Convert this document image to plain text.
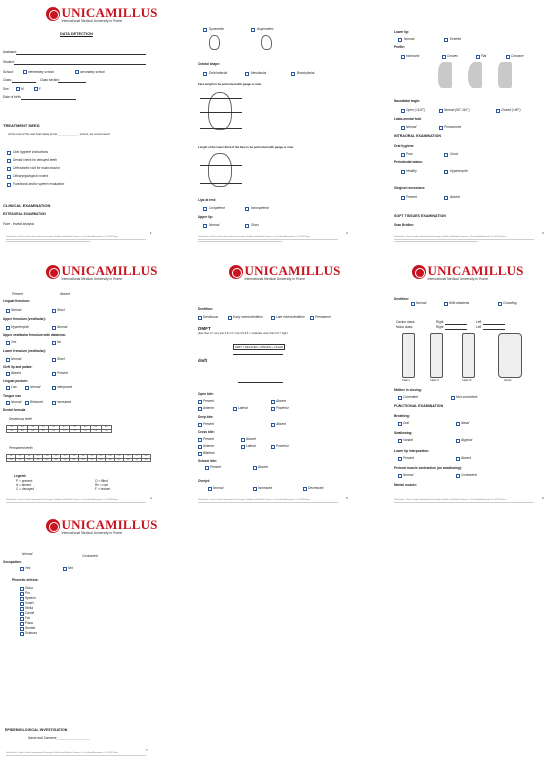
UNICAMILLUS
International Medical University in Rome
DATA DETECTION
Assistant:
Student:
School:	elementary school	secondary school
Class:	Class section:
Sex:	M	F
Date of birth:
TREATMENT NEED
At the end of the visit held today at the _____________ school, we recommend:
Oral hygiene instructions
Dental check for decayed teeth
Orthodontic visit for malocclusion
Otolaryngological control
Functional and/or speech evaluation
CLINICAL EXAMINATION
EXTRAORAL EXAMINATION
Face - frontal analysis
1
UniCamillus - Saint Camillus International University of Health and Medical Sciences - Via di Sant'Alessandro, 8 - 00131 Roma
Symmetric	Asymmetric
Cranial shape:
Dolichofacial	Mesofacial	Brachyfacial
Face length to be performed with gauge or ruler
Length of the lower third of the face to be performed with gauge or ruler
Lips at rest:
Competent	Incompetent
Upper lip:
Normal	Short
2
UniCamillus - Saint Camillus International University of Health and Medical Sciences - Via di Sant'Alessandro, 8 - 00131 Roma
Lower lip:
Normal	Everted
Profile:
Harmonic	Convex	Flat	Concave
Nasolabial angle:
Open (>110°)	Normal (90°-110°)	Closed (<90°)
Labio-mental fold:
Normal	Pronounced
INTRAORAL EXAMINATION
Oral hygiene:
Poor	Good
Periodontal status:
Healthy	Hypertrophic
Gingival recessions:
Present	Absent
SOFT TISSUES EXAMINATION
Gum Bridles:
3
UniCamillus - Saint Camillus International University of Health and Medical Sciences - Via di Sant'Alessandro, 8 - 00131 Roma
UNICAMILLUS
International Medical University in Rome
Present	Absent
Lingual frenulum:
Normal	Short
Upper frenulum (vestibular):
Hypertrophic	Normal
Upper vestibular frenulum with diastema:
Yes	No
Lower frenulum (vestibular):
Normal	Short
Cleft lip and palate:
Absent	Present
Lingual posture:
Low	Normal	Interposed
Tongue size
Normal	Reduced	Increased
Dental formula
Deciduous teeth
5.5	5.4	5.3	5.2	5.1	6.1	6.2	6.3	6.4	6.5
8.5	8.4	8.3	8.2	8.1	7.1	7.2	7.3	7.4	7.5
Permanent teeth
1.8	1.7	1.6	1.5	1.4	1.3	1.2	1.1	2.1	2.2	2.3	2.4	2.5	2.6	2.7	2.8
4.8	4.7	4.6	4.5	4.4	4.3	4.2	4.1	3.1	3.2	3.3	3.4	3.5	3.6	3.7	3.8
Legend:
P = present
A = absent
C = decayed
O = filled
Rx = root
F = broken
4
UniCamillus - Saint Camillus International University of Health and Medical Sciences - Via di Sant'Alessandro, 8 - 00131 Roma
UNICAMILLUS
International Medical University in Rome
Dentition:
Deciduous	Early mixed dentition	Late mixed dentition	Permanent
DMFT
(less than 3 = very low 2.6-4.4 = low 4.5-6.5 = moderate more than 6.6 = high)
DMFT = DECAYED + MISSING + FILLED
dmft
Open bite:
Present	Absent
Anterior	Lateral	Posterior
Deep bite:
Present	Absent
Cross bite:
Present	Absent
Anterior	Lateral	Posterior
Bilateral
Scissor bite:
Present	Absent
Overjet:
Normal	Increased	Decreased
5
UniCamillus - Saint Camillus International University of Health and Medical Sciences - Via di Sant'Alessandro, 8 - 00131 Roma
UNICAMILLUS
International Medical University in Rome
Dentition:
Normal	With diastema	Crowding
Canine class:	Right	Left
Molar class:	Right	Left
Class I	Class II	Class III	Hinder
Midline in closing:
Coincident	Non-coincident
FUNCTIONAL EXAMINATION
Breathing:
Oral	Nasal
Swallowing:
Variant	Atypical
Lower lip interposition:
Present	Absent
Perioral muscle contraction (on swallowing):
Normal	Contracted
Mental muscle:
6
UniCamillus - Saint Camillus International University of Health and Medical Sciences - Via di Sant'Alessandro, 8 - 00131 Roma
UNICAMILLUS
International Medical University in Rome
Normal	Contracted
Occupation:
Yes	Not
Phonetic defects:
Gutur
Pin
Speech
Vowel
Stella
Camel
Fat
Piano
Dentist
Scissors
EPIDEMIOLOGICAL INVESTIGATION
Name and Surname___________________
7
UniCamillus - Saint Camillus International University of Health and Medical Sciences - Via di Sant'Alessandro, 8 - 00131 Roma
